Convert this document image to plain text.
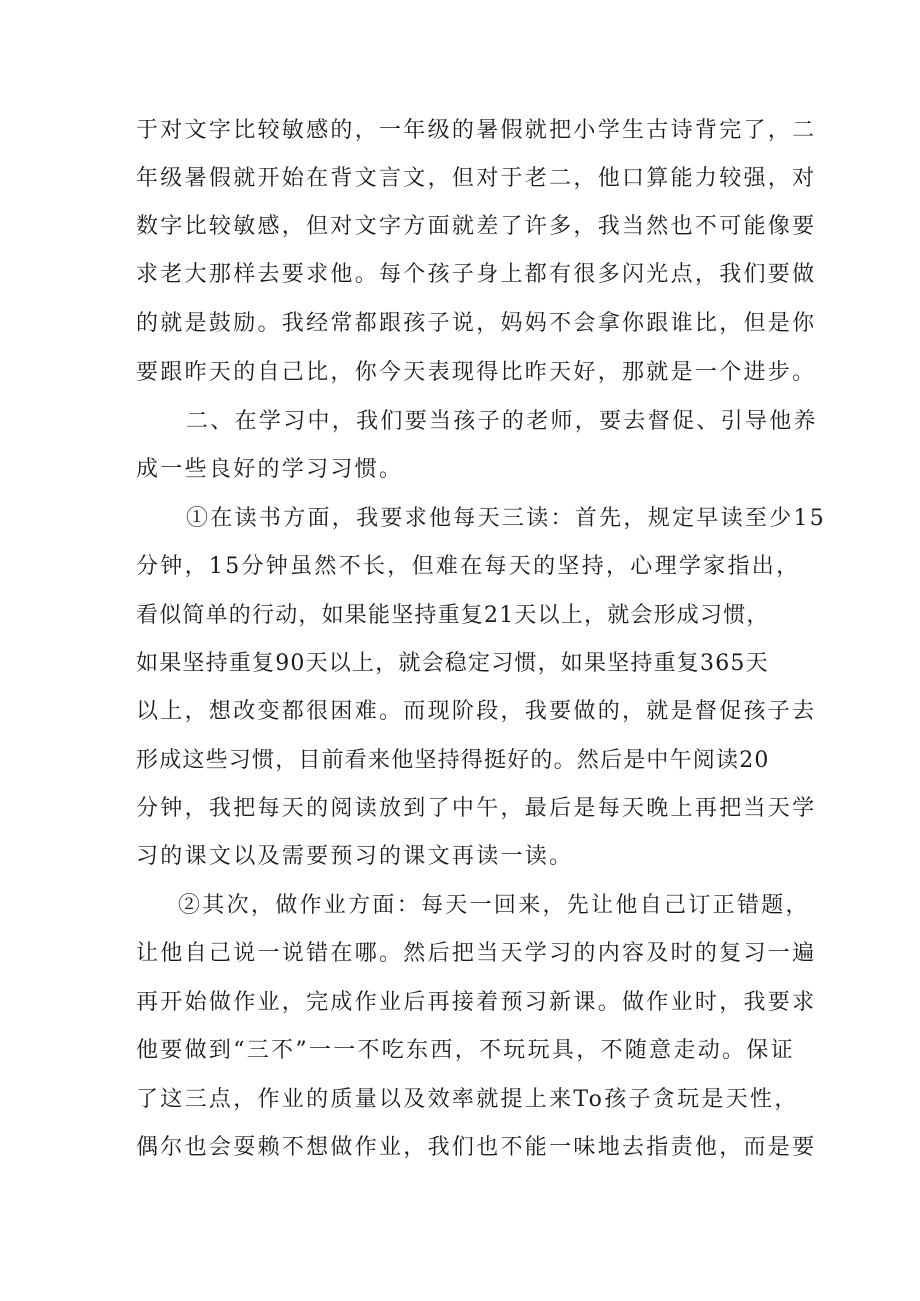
于对文字比较敏感的，一年级的暑假就把小学生古诗背完了，二
年级暑假就开始在背文言文，但对于老二，他口算能力较强，对
数字比较敏感，但对文字方面就差了许多，我当然也不可能像要
求老大那样去要求他。每个孩子身上都有很多闪光点，我们要做
的就是鼓励。我经常都跟孩子说，妈妈不会拿你跟谁比，但是你
要跟昨天的自己比，你今天表现得比昨天好，那就是一个进步。
二、在学习中，我们要当孩子的老师，要去督促、引导他养
成一些良好的学习习惯。
①在读书方面，我要求他每天三读：首先，规定早读至少15
分钟，15分钟虽然不长，但难在每天的坚持，心理学家指出，
看似简单的行动，如果能坚持重复21天以上，就会形成习惯，
如果坚持重复90天以上，就会稳定习惯，如果坚持重复365天
以上，想改变都很困难。而现阶段，我要做的，就是督促孩子去
形成这些习惯，目前看来他坚持得挺好的。然后是中午阅读20
分钟，我把每天的阅读放到了中午，最后是每天晚上再把当天学
习的课文以及需要预习的课文再读一读。
②其次，做作业方面：每天一回来，先让他自己订正错题，
让他自己说一说错在哪。然后把当天学习的内容及时的复习一遍
再开始做作业，完成作业后再接着预习新课。做作业时，我要求
他要做到“三不”一一不吃东西，不玩玩具，不随意走动。保证
了这三点，作业的质量以及效率就提上来To孩子贪玩是天性，
偶尔也会耍赖不想做作业，我们也不能一味地去指责他，而是要
